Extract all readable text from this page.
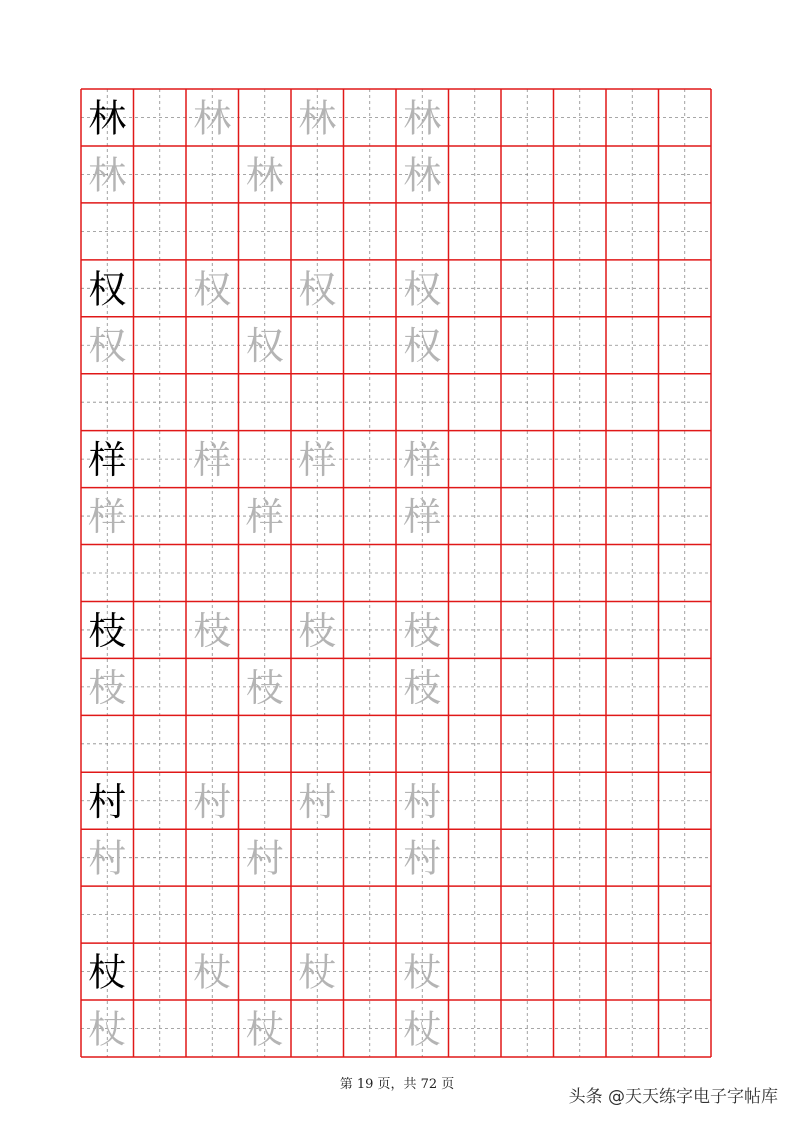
林 林 林 林
林	林	林
权 权 权 权
权	权	权
样 样 样 样
样	样	样
枝 枝 枝 枝
枝	枝	枝
村 村 村 村
村	村	村
杖 杖 杖 杖
杖	杖	杖
第 19 页，共 72 页
头条 @天天练字电子字帖库
